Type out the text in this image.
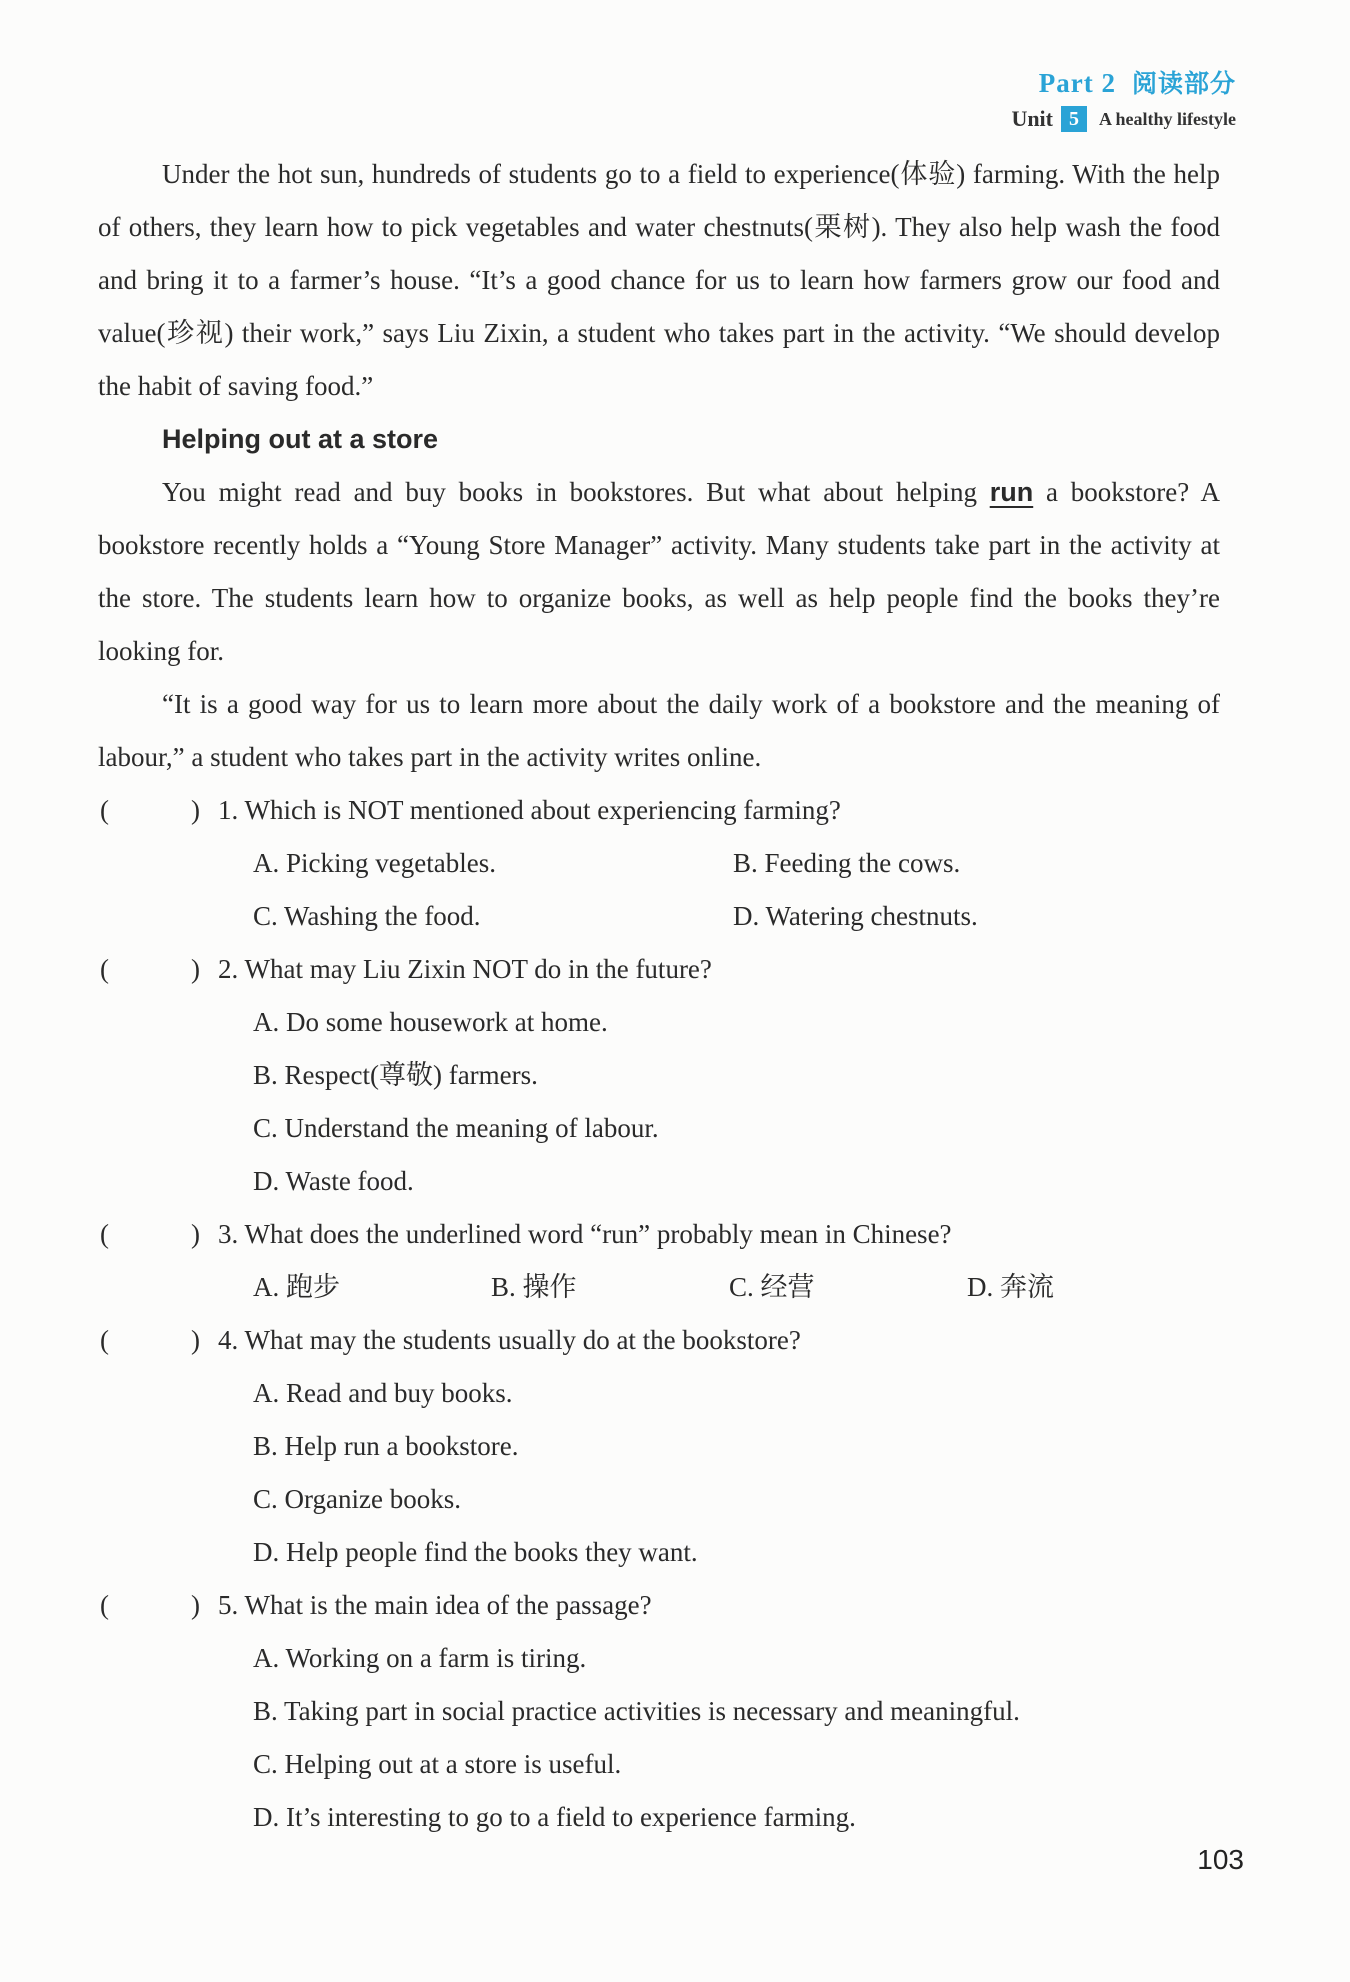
Part 2 阅读部分
Unit 5	A healthy lifestyle

Under the hot sun, hundreds of students go to a field to experience(体验) farming. With the help of others, they learn how to pick vegetables and water chestnuts(栗树). They also help wash the food and bring it to a farmer’s house. “It’s a good chance for us to learn how farmers grow our food and value(珍视) their work,” says Liu Zixin, a student who takes part in the activity. “We should develop the habit of saving food.”

Helping out at a store

You might read and buy books in bookstores. But what about helping run a bookstore? A bookstore recently holds a “Young Store Manager” activity. Many students take part in the activity at the store. The students learn how to organize books, as well as help people find the books they’re looking for.

“It is a good way for us to learn more about the daily work of a bookstore and the meaning of labour,” a student who takes part in the activity writes online.

(	) 1. Which is NOT mentioned about experiencing farming?
A. Picking vegetables.	B. Feeding the cows.
C. Washing the food.	D. Watering chestnuts.
(	) 2. What may Liu Zixin NOT do in the future?
A. Do some housework at home.
B. Respect(尊敬) farmers.
C. Understand the meaning of labour.
D. Waste food.
(	) 3. What does the underlined word “run” probably mean in Chinese?
A. 跑步	B. 操作	C. 经营	D. 奔流
(	) 4. What may the students usually do at the bookstore?
A. Read and buy books.
B. Help run a bookstore.
C. Organize books.
D. Help people find the books they want.
(	) 5. What is the main idea of the passage?
A. Working on a farm is tiring.
B. Taking part in social practice activities is necessary and meaningful.
C. Helping out at a store is useful.
D. It’s interesting to go to a field to experience farming.
103
